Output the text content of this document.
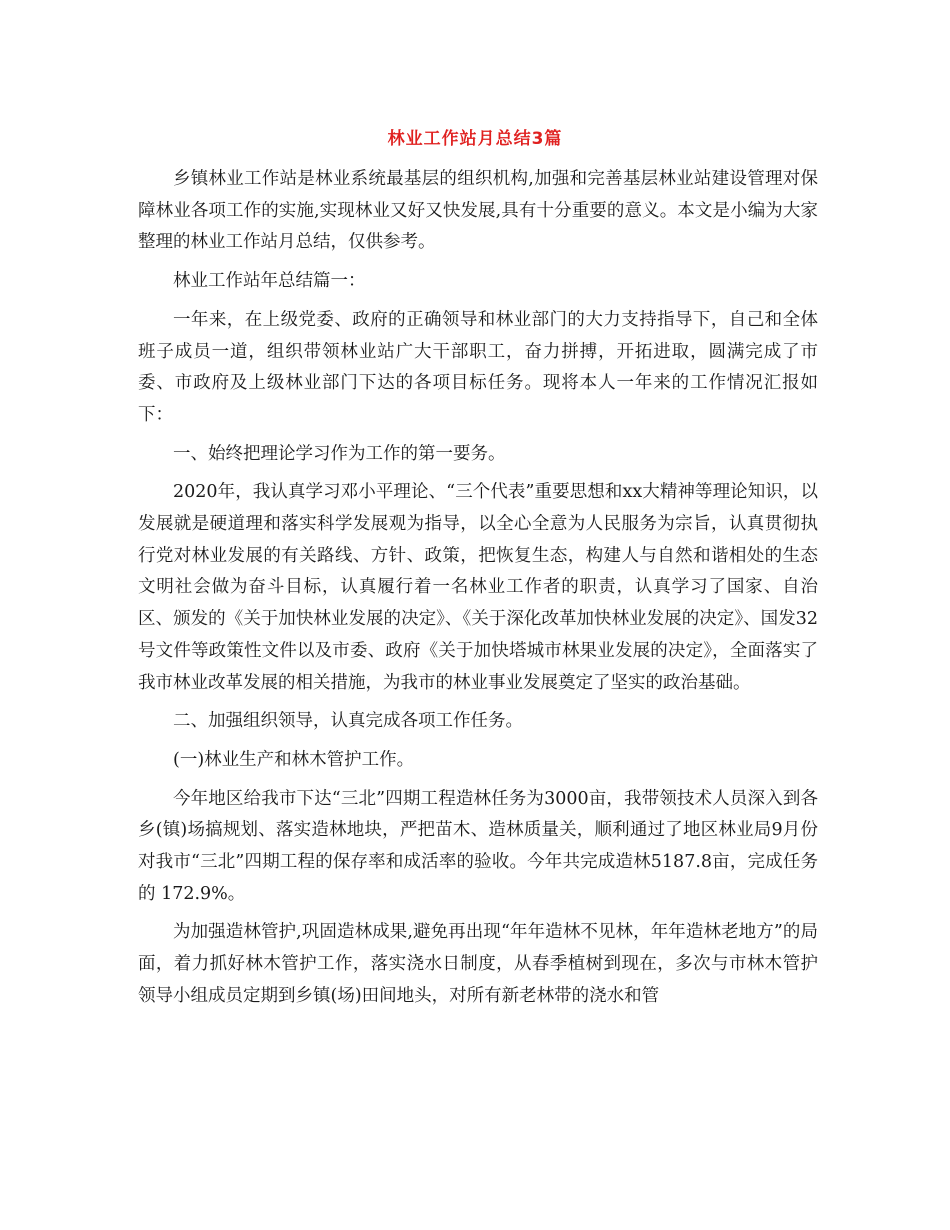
林业工作站月总结3篇

乡镇林业工作站是林业系统最基层的组织机构,加强和完善基层林业站建设管理对保障林业各项工作的实施,实现林业又好又快发展,具有十分重要的意义。本文是小编为大家整理的林业工作站月总结，仅供参考。

林业工作站年总结篇一：

一年来，在上级党委、政府的正确领导和林业部门的大力支持指导下，自己和全体班子成员一道，组织带领林业站广大干部职工，奋力拼搏，开拓进取，圆满完成了市委、市政府及上级林业部门下达的各项目标任务。现将本人一年来的工作情况汇报如下：

一、始终把理论学习作为工作的第一要务。

2020年，我认真学习邓小平理论、“三个代表”重要思想和xx大精神等理论知识，以发展就是硬道理和落实科学发展观为指导，以全心全意为人民服务为宗旨，认真贯彻执行党对林业发展的有关路线、方针、政策，把恢复生态，构建人与自然和谐相处的生态文明社会做为奋斗目标，认真履行着一名林业工作者的职责，认真学习了国家、自治区、颁发的《关于加快林业发展的决定》、《关于深化改革加快林业发展的决定》、国发32号文件等政策性文件以及市委、政府《关于加快塔城市林果业发展的决定》，全面落实了我市林业改革发展的相关措施，为我市的林业事业发展奠定了坚实的政治基础。

二、加强组织领导，认真完成各项工作任务。

(一)林业生产和林木管护工作。

今年地区给我市下达“三北”四期工程造林任务为3000亩，我带领技术人员深入到各乡(镇)场搞规划、落实造林地块，严把苗木、造林质量关，顺利通过了地区林业局9月份对我市“三北”四期工程的保存率和成活率的验收。今年共完成造林5187.8亩，完成任务的 172.9%。

为加强造林管护,巩固造林成果,避免再出现“年年造林不见林，年年造林老地方”的局面，着力抓好林木管护工作，落实浇水日制度，从春季植树到现在，多次与市林木管护领导小组成员定期到乡镇(场)田间地头，对所有新老林带的浇水和管
